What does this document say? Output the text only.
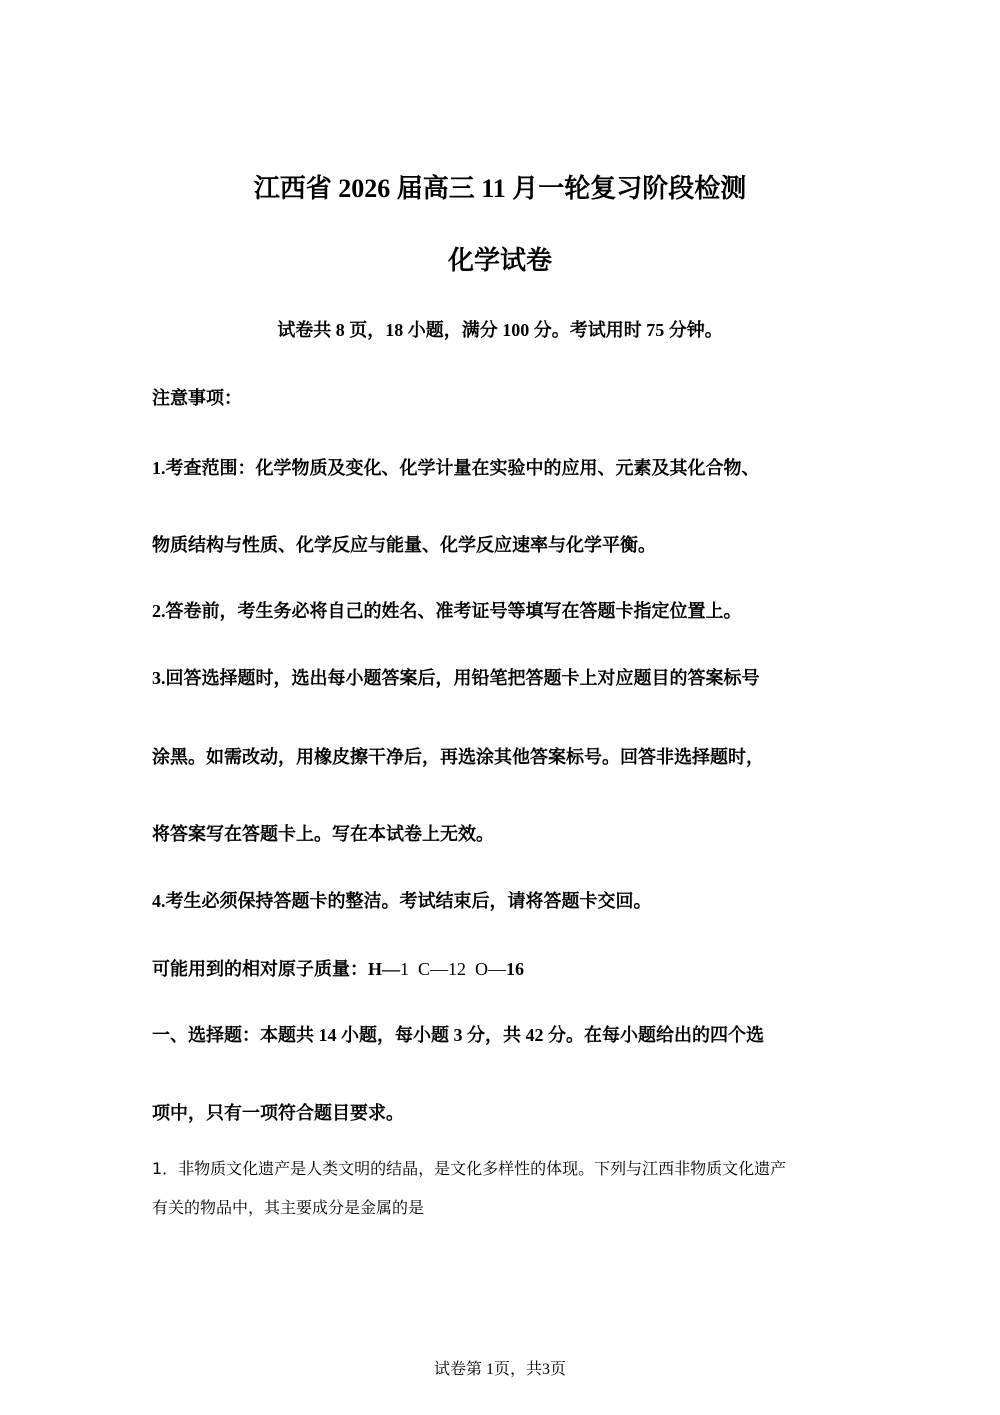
江西省 2026 届高三 11 月一轮复习阶段检测
化学试卷
试卷共 8 页，18 小题，满分 100 分。考试用时 75 分钟。
注意事项：
1.考查范围：化学物质及变化、化学计量在实验中的应用、元素及其化合物、
物质结构与性质、化学反应与能量、化学反应速率与化学平衡。
2.答卷前，考生务必将自己的姓名、准考证号等填写在答题卡指定位置上。
3.回答选择题时，选出每小题答案后，用铅笔把答题卡上对应题目的答案标号
涂黑。如需改动，用橡皮擦干净后，再选涂其他答案标号。回答非选择题时，
将答案写在答题卡上。写在本试卷上无效。
4.考生必须保持答题卡的整洁。考试结束后，请将答题卡交回。
可能用到的相对原子质量：H—1 C—12 O—16
一、选择题：本题共 14 小题，每小题 3 分，共 42 分。在每小题给出的四个选
项中，只有一项符合题目要求。
1．非物质文化遗产是人类文明的结晶，是文化多样性的体现。下列与江西非物质文化遗产
有关的物品中，其主要成分是金属的是
试卷第 1页，共3页
